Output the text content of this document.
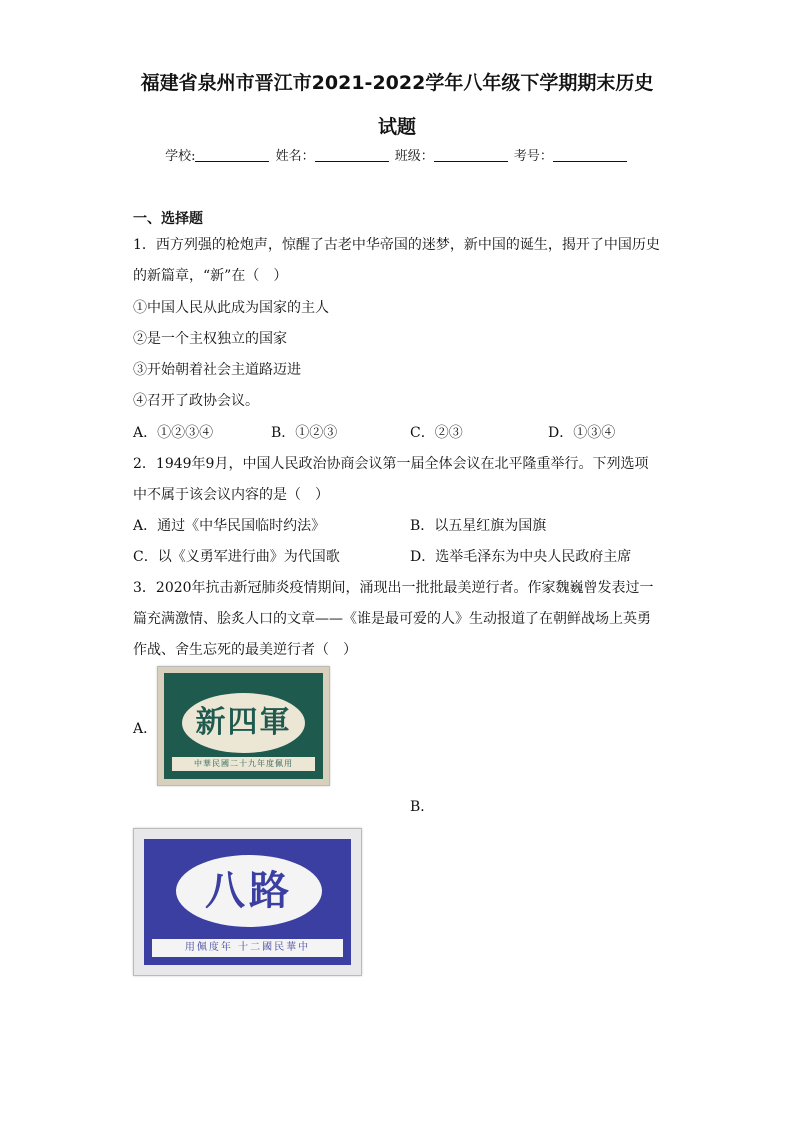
福建省泉州市晋江市2021-2022学年八年级下学期期末历史
试题
学校:	姓名：	班级：	考号：
一、选择题
1．西方列强的枪炮声，惊醒了古老中华帝国的迷梦，新中国的诞生，揭开了中国历史
的新篇章，“新”在（　）
①中国人民从此成为国家的主人
②是一个主权独立的国家
③开始朝着社会主道路迈进
④召开了政协会议。
A．①②③④	B．①②③	C．②③	D．①③④
2．1949年9月，中国人民政治协商会议第一届全体会议在北平隆重举行。下列选项
中不属于该会议内容的是（　）
A．通过《中华民国临时约法》	B．以五星红旗为国旗
C．以《义勇军进行曲》为代国歌	D．选举毛泽东为中央人民政府主席
3．2020年抗击新冠肺炎疫情期间，涌现出一批批最美逆行者。作家魏巍曾发表过一
篇充满激情、脍炙人口的文章——《谁是最可爱的人》生动报道了在朝鲜战场上英勇
作战、舍生忘死的最美逆行者（　）
A．	新四軍
中華民國二十九年度佩用
B．
八路
用佩度年 十二國民華中
